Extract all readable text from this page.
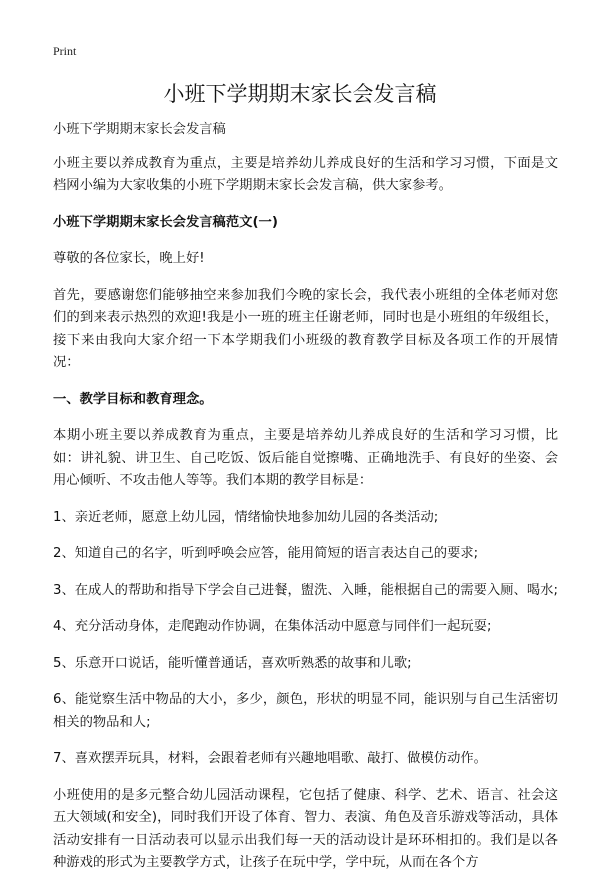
Print
小班下学期期末家长会发言稿

小班下学期期末家长会发言稿

小班主要以养成教育为重点，主要是培养幼儿养成良好的生活和学习习惯，下面是文档网小编为大家收集的小班下学期期末家长会发言稿，供大家参考。

小班下学期期末家长会发言稿范文(一)

尊敬的各位家长，晚上好!

首先，要感谢您们能够抽空来参加我们今晚的家长会，我代表小班组的全体老师对您们的到来表示热烈的欢迎!我是小一班的班主任谢老师，同时也是小班组的年级组长，接下来由我向大家介绍一下本学期我们小班级的教育教学目标及各项工作的开展情况：

一、教学目标和教育理念。

本期小班主要以养成教育为重点，主要是培养幼儿养成良好的生活和学习习惯，比如：讲礼貌、讲卫生、自己吃饭、饭后能自觉擦嘴、正确地洗手、有良好的坐姿、会用心倾听、不攻击他人等等。我们本期的教学目标是：

1、亲近老师，愿意上幼儿园，情绪愉快地参加幼儿园的各类活动;

2、知道自己的名字，听到呼唤会应答，能用简短的语言表达自己的要求;

3、在成人的帮助和指导下学会自己进餐，盥洗、入睡，能根据自己的需要入厕、喝水;

4、充分活动身体，走爬跑动作协调，在集体活动中愿意与同伴们一起玩耍;

5、乐意开口说话，能听懂普通话，喜欢听熟悉的故事和儿歌;

6、能觉察生活中物品的大小，多少，颜色，形状的明显不同，能识别与自己生活密切相关的物品和人;

7、喜欢摆弄玩具，材料，会跟着老师有兴趣地唱歌、敲打、做模仿动作。

小班使用的是多元整合幼儿园活动课程，它包括了健康、科学、艺术、语言、社会这五大领域(和安全)，同时我们开设了体育、智力、表演、角色及音乐游戏等活动，具体活动安排有一日活动表可以显示出我们每一天的活动设计是环环相扣的。我们是以各种游戏的形式为主要教学方式，让孩子在玩中学，学中玩，从而在各个方
